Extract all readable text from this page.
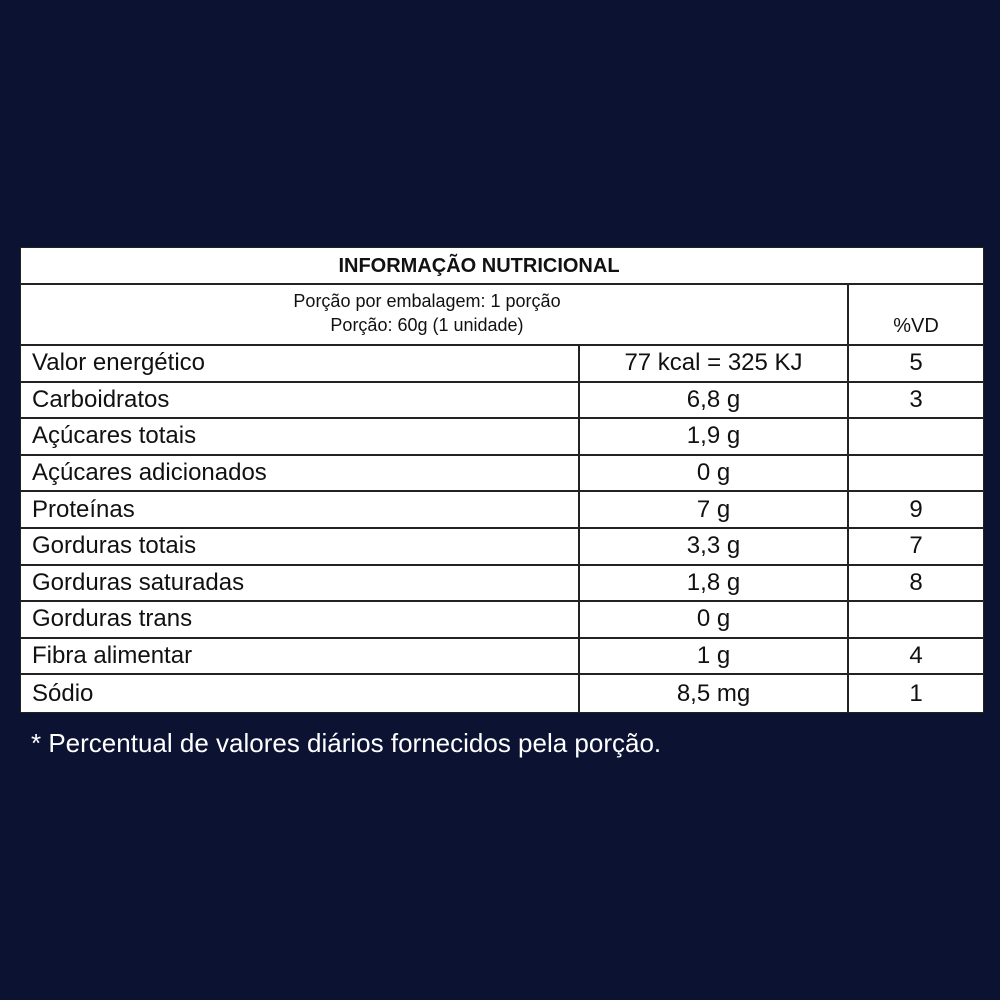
INFORMAÇÃO NUTRICIONAL
Porção por embalagem: 1 porção
Porção: 60g (1 unidade)	%VD
Valor energético	77 kcal = 325 KJ	5
Carboidratos	6,8 g	3
Açúcares totais	1,9 g
Açúcares adicionados	0 g
Proteínas	7 g	9
Gorduras totais	3,3 g	7
Gorduras saturadas	1,8 g	8
Gorduras trans	0 g
Fibra alimentar	1 g	4
Sódio	8,5 mg	1
* Percentual de valores diários fornecidos pela porção.
